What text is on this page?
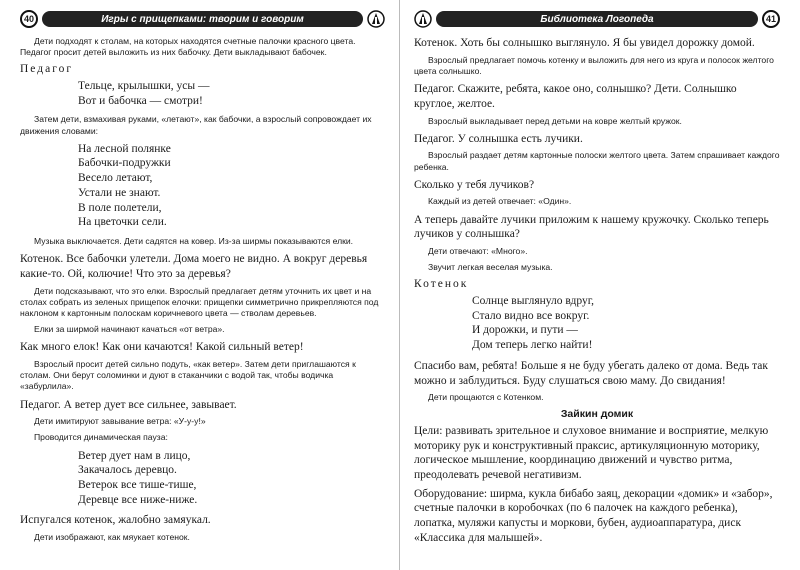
40	Игры с прищепками: творим и говорим

Дети подходят к столам, на которых находятся счетные палочки красного цвета. Педагог просит детей выложить из них бабочку. Дети выкладывают бабочек.

Педагог

Тельце, крылышки, усы —
Вот и бабочка — смотри!

Затем дети, взмахивая руками, «летают», как бабочки, а взрослый сопровождает их движения словами:

На лесной полянке
Бабочки-подружки
Весело летают,
Устали не знают.
В поле полетели,
На цветочки сели.

Музыка выключается. Дети садятся на ковер. Из-за ширмы показываются елки.

Котенок. Все бабочки улетели. Дома моего не видно. А вокруг деревья какие-то. Ой, колючие! Что это за деревья?

Дети подсказывают, что это елки. Взрослый предлагает детям уточнить их цвет и на столах собрать из зеленых прищепок елочки: прищепки симметрично прикрепляются под наклоном к картонным полоскам коричневого цвета — стволам деревьев.

Елки за ширмой начинают качаться «от ветра».

Как много елок! Как они качаются! Какой сильный ветер!

Взрослый просит детей сильно подуть, «как ветер». Затем дети приглашаются к столам. Они берут соломинки и дуют в стаканчики с водой так, чтобы водичка «забурлила».

Педагог. А ветер дует все сильнее, завывает.

Дети имитируют завывание ветра: «У-у-у!»

Проводится динамическая пауза:

Ветер дует нам в лицо,
Закачалось деревцо.
Ветерок все тише-тише,
Деревце все ниже-ниже.

Испугался котенок, жалобно замяукал.

Дети изображают, как мяукает котенок.

Библиотека Логопеда	41

Котенок. Хоть бы солнышко выглянуло. Я бы увидел дорожку домой.

Взрослый предлагает помочь котенку и выложить для него из круга и полосок желтого цвета солнышко.

Педагог. Скажите, ребята, какое оно, солнышко? Дети. Солнышко круглое, желтое.

Взрослый выкладывает перед детьми на ковре желтый кружок.

Педагог. У солнышка есть лучики.

Взрослый раздает детям картонные полоски желтого цвета. Затем спрашивает каждого ребенка.

Сколько у тебя лучиков?

Каждый из детей отвечает: «Один».

А теперь давайте лучики приложим к нашему кружочку. Сколько теперь лучиков у солнышка?

Дети отвечают: «Много».

Звучит легкая веселая музыка.

Котенок

Солнце выглянуло вдруг,
Стало видно все вокруг.
И дорожки, и пути —
Дом теперь легко найти!

Спасибо вам, ребята! Больше я не буду убегать далеко от дома. Ведь так можно и заблудиться. Буду слушаться свою маму. До свидания!

Дети прощаются с Котенком.

Зайкин домик

Цели: развивать зрительное и слуховое внимание и восприятие, мелкую моторику рук и конструктивный праксис, артикуляционную моторику, логическое мышление, координацию движений и чувство ритма, преодолевать речевой негативизм.

Оборудование: ширма, кукла бибабо заяц, декорации «домик» и «забор», счетные палочки в коробочках (по 6 палочек на каждого ребенка), лопатка, муляжи капусты и моркови, бубен, аудиоаппаратура, диск «Классика для малышей».
